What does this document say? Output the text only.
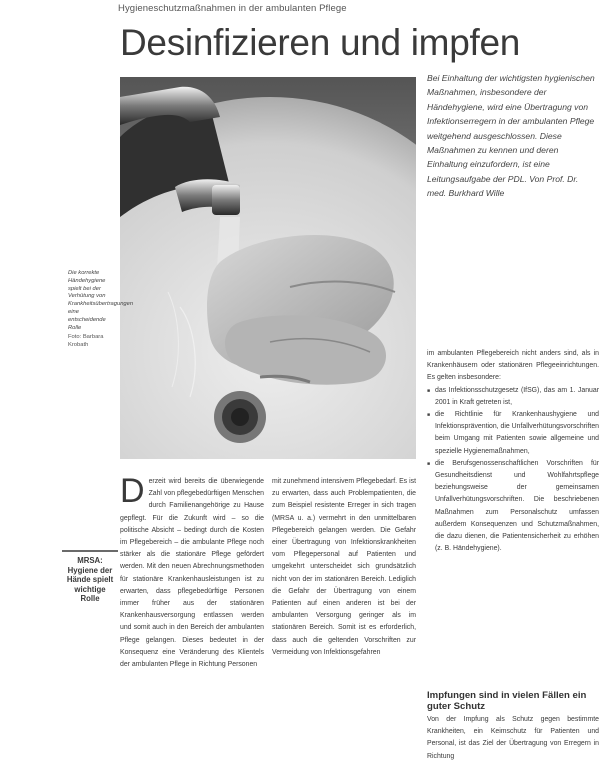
Hygieneschutzmaßnahmen in der ambulanten Pflege
Desinfizieren und impfen
Bei Einhaltung der wichtigsten hygienischen Maßnahmen, insbesondere der Händehygiene, wird eine Übertragung von Infektionserregern in der ambulanten Pflege weitgehend ausgeschlossen. Diese Maßnahmen zu kennen und deren Einhaltung einzufordern, ist eine Leitungsaufgabe der PDL. Von Prof. Dr. med. Burkhard Wille
Die korrekte Händehygiene spielt bei der Verhütung von Krankheitsübertragungen eine entscheidende Rolle
Foto: Barbara Krobath
MRSA:
Hygiene der Hände spielt wichtige Rolle
D erzeit wird bereits die überwiegende Zahl von pflegebedürftigen Menschen durch Familienangehörige zu Hause gepflegt. Für die Zukunft wird – so die politische Absicht – bedingt durch die Kosten im Pflegebereich – die ambulante Pflege noch stärker als die stationäre Pflege gefördert werden. Mit den neuen Abrechnungsmethoden für stationäre Krankenhausleistungen ist zu erwarten, dass pflegebedürftige Personen immer früher aus der stationären Krankenhausversorgung entlassen werden und somit auch in den Bereich der ambulanten Pflege gelangen. Dieses bedeutet in der Konsequenz eine Veränderung des Klientels der ambulanten Pflege in Richtung Personen
mit zunehmend intensivem Pflegebedarf. Es ist zu erwarten, dass auch Problempatienten, die zum Beispiel resistente Erreger in sich tragen (MRSA u. a.) vermehrt in den unmittelbaren Pflegebereich gelangen werden. Die Gefahr einer Übertragung von Infektionskrankheiten vom Pflegepersonal auf Patienten und umgekehrt unterscheidet sich grundsätzlich nicht von der im stationären Bereich. Lediglich die Gefahr der Übertragung von einem Patienten auf einen anderen ist bei der ambulanten Versorgung geringer als im stationären Bereich. Somit ist es erforderlich, dass auch die geltenden Vorschriften zur Vermeidung von Infektionsgefahren

im ambulanten Pflegebereich nicht anders sind, als in Krankenhäusern oder stationären Pflegeeinrichtungen. Es gelten insbesondere:

■ das Infektionsschutzgesetz (IfSG), das am 1. Januar 2001 in Kraft getreten ist,
■ die Richtlinie für Krankenhaushygiene und Infektionsprävention, die Unfallverhütungsvorschriften beim Umgang mit Patienten sowie allgemeine und spezielle Hygienemaßnahmen,
■ die Berufsgenossenschaftlichen Vorschriften für Gesundheitsdienst und Wohlfahrtspflege beziehungsweise der gemeinsamen Unfallverhütungsvorschriften. Die beschriebenen Maßnahmen zum Personalschutz umfassen außerdem Konsequenzen und Schutzmaßnahmen, die dazu dienen, die Patientensicherheit zu erhöhen (z. B. Händehygiene).
Impfungen sind in vielen Fällen ein guter Schutz
Von der Impfung als Schutz gegen bestimmte Krankheiten, ein Keimschutz für Patienten und Personal, ist das Ziel der Übertragung von Erregern in Richtung
